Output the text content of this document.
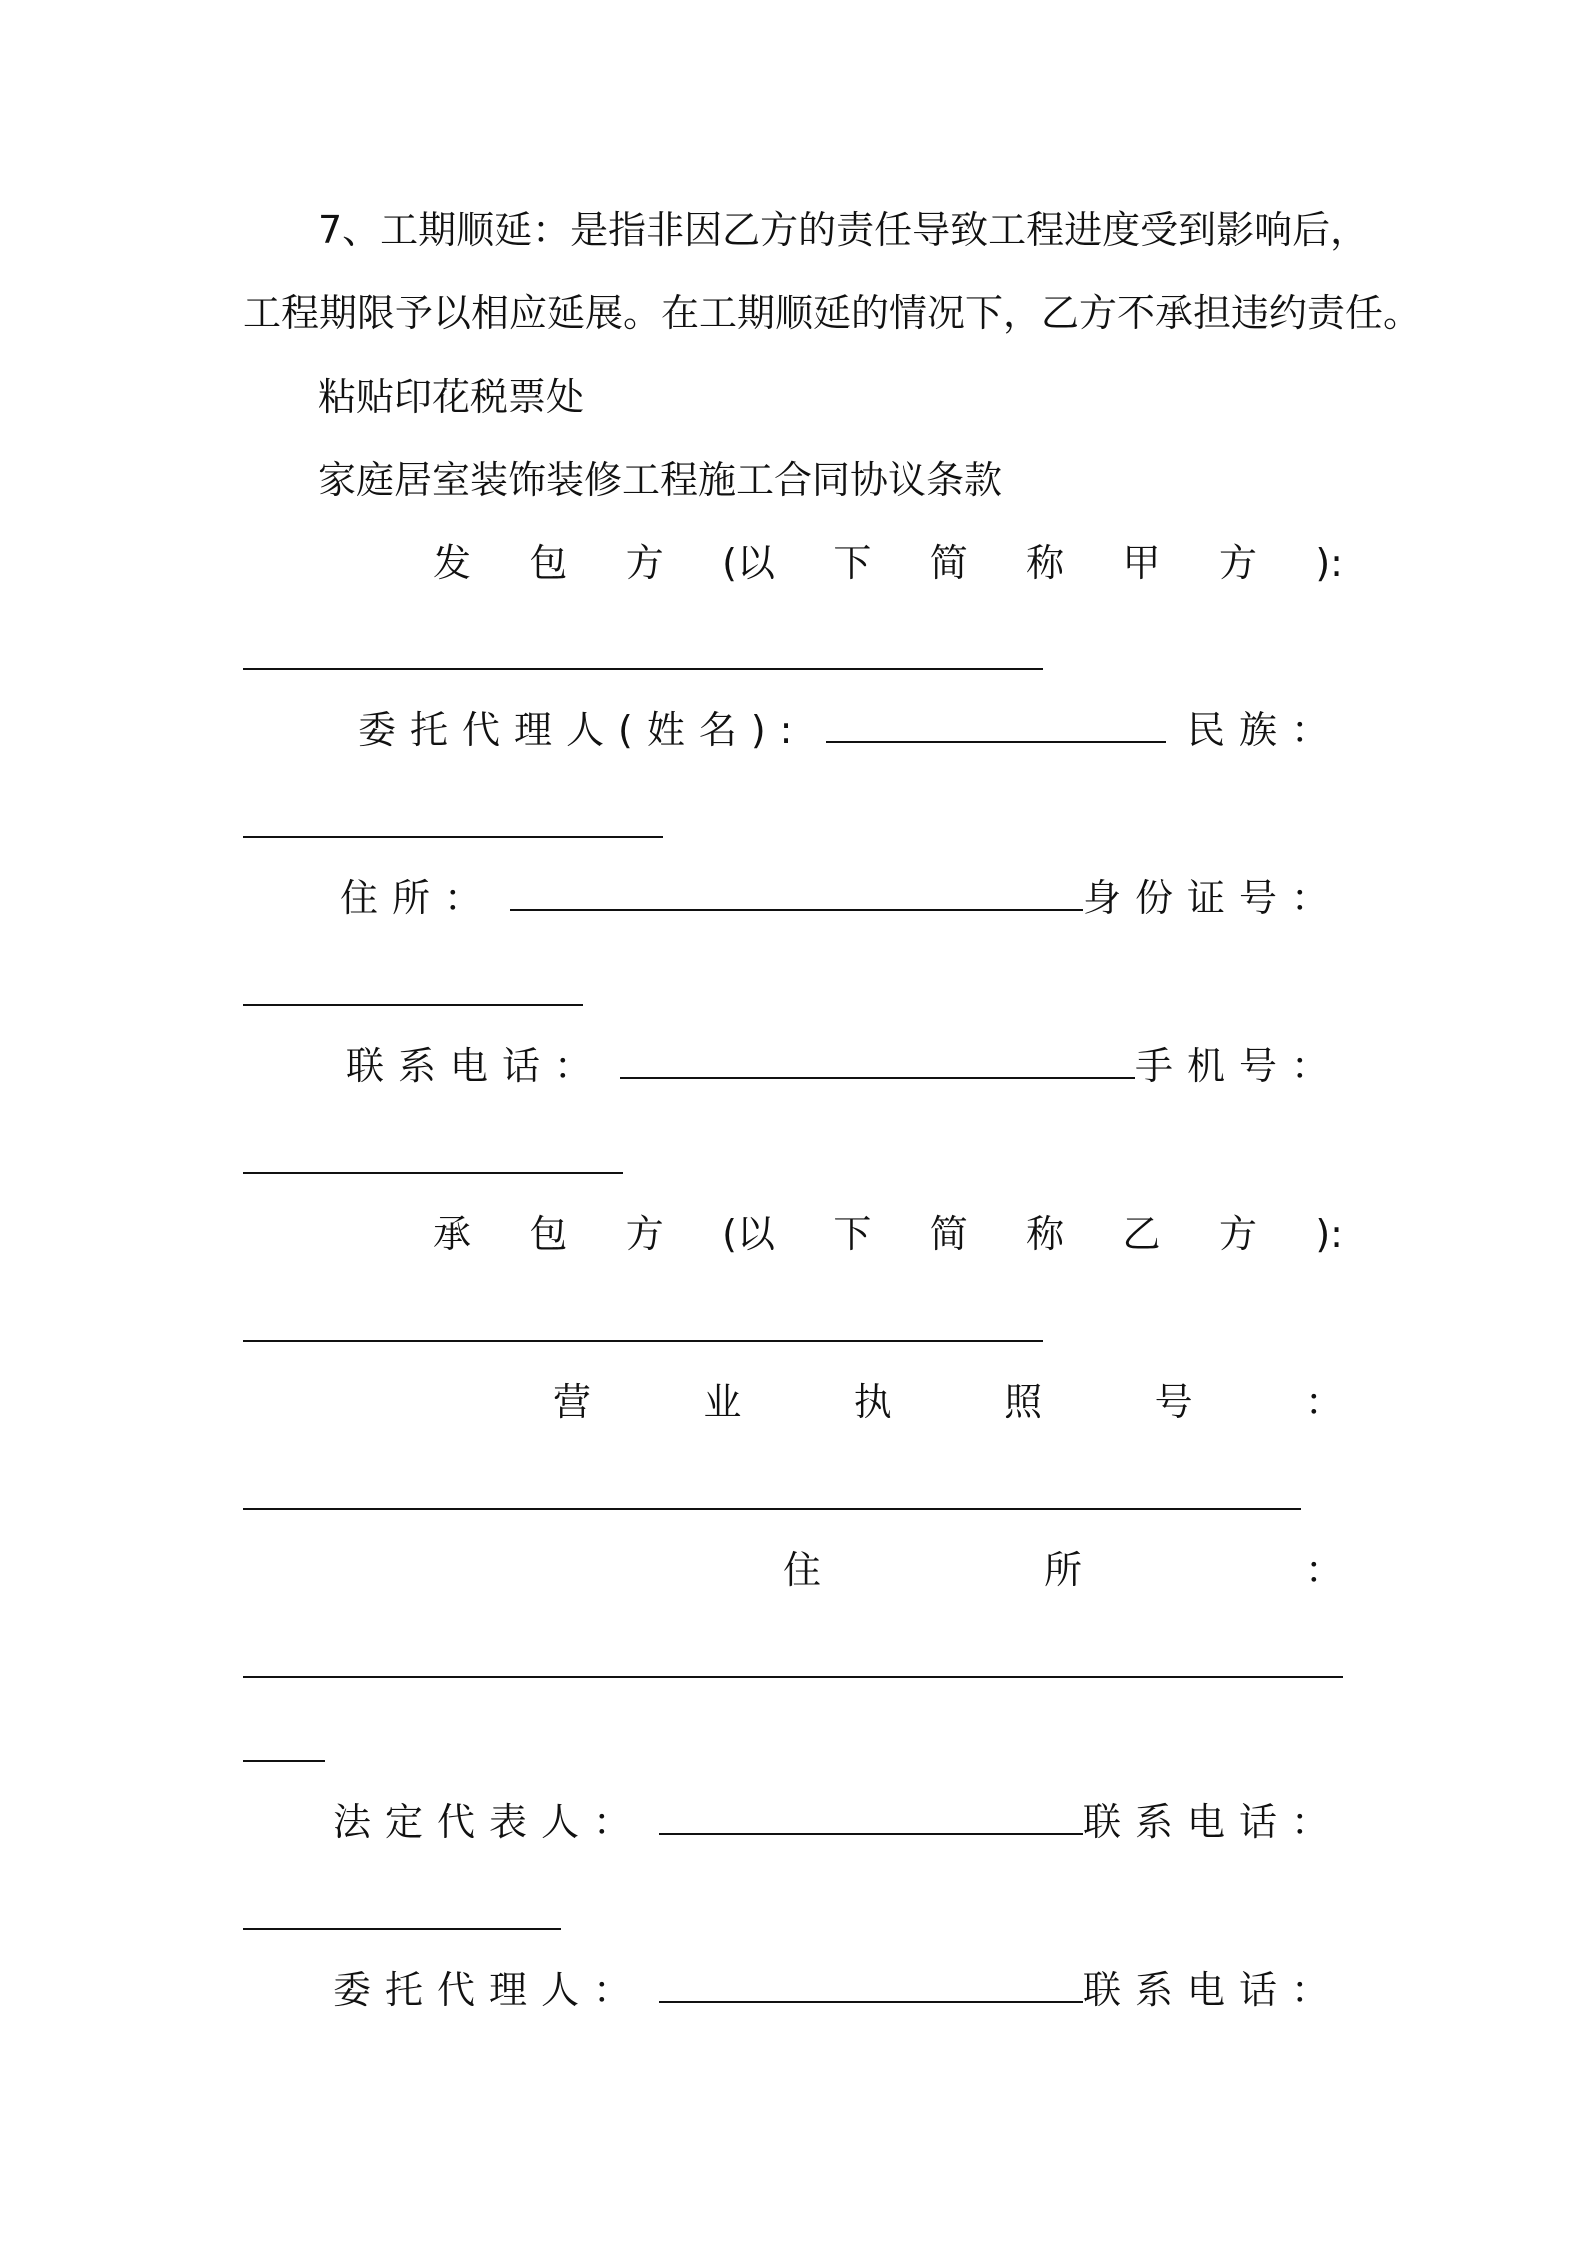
7、工期顺延：是指非因乙方的责任导致工程进度受到影响后，
工程期限予以相应延展。在工期顺延的情况下，乙方不承担违约责任。
粘贴印花税票处
家庭居室装饰装修工程施工合同协议条款
发 包 方 (以 下 简 称 甲 方 ):
委托代理人(姓名):	民族：
住所：	身份证号：
联系电话：	手机号：
承 包 方 (以 下 简 称 乙 方 ):
营	业	执	照	号	：
住	所	：
法定代表人：	联系电话：
委托代理人：	联系电话：
